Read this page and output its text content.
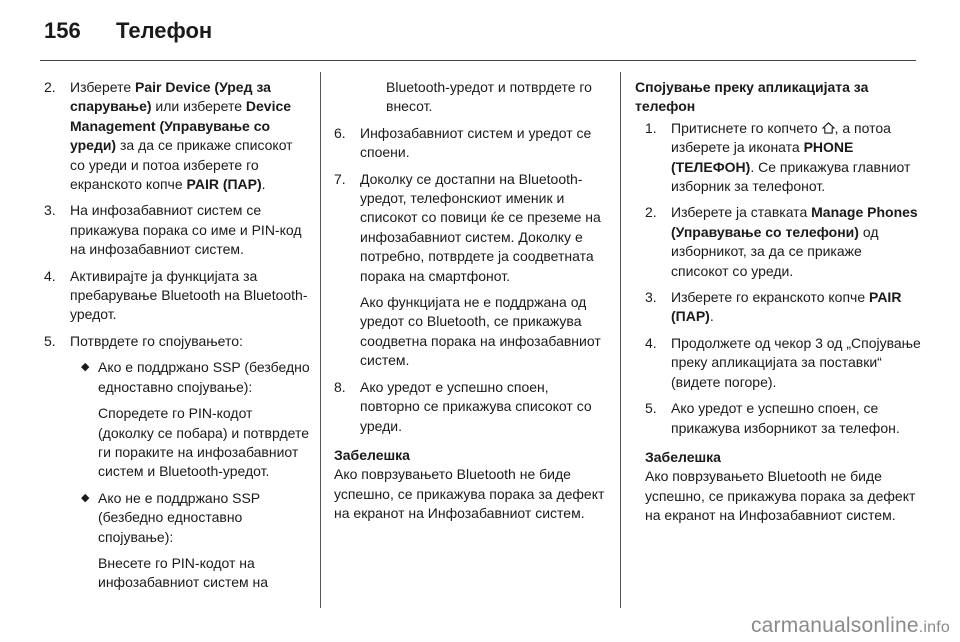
156 Телефон
2. Изберете Pair Device (Уред за спарување) или изберете Device Management (Управување со уреди) за да се прикаже списокот со уреди и потоа изберете го екранското копче PAIR (ПАР).
3. На инфозабавниот систем се прикажува порака со име и PIN-код на инфозабавниот систем.
4. Активирајте ја функцијата за пребарување Bluetooth на Bluetooth-уредот.
5. Потврдете го спојувањето:
◆ Ако е поддржано SSP (безбедно едноставно спојување):
Споредете го PIN-кодот (доколку се побара) и потврдете ги пораките на инфозабавниот систем и Bluetooth-уредот.
◆ Ако не е поддржано SSP (безбедно едноставно спојување):
Внесете го PIN-кодот на инфозабавниот систем на
Bluetooth-уредот и потврдете го внесот.
6. Инфозабавниот систем и уредот се споени.
7. Доколку се достапни на Bluetooth-уредот, телефонскиот именик и списокот со повици ќе се преземе на инфозабавниот систем. Доколку е потребно, потврдете ја соодветната порака на смартфонот.
Ако функцијата не е поддржана од уредот со Bluetooth, се прикажува соодветна порака на инфозабавниот систем.
8. Ако уредот е успешно споен, повторно се прикажува списокот со уреди.
Забелешка
Ако поврзувањето Bluetooth не биде успешно, се прикажува порака за дефект на екранот на Инфозабавниот систем.
Спојување преку апликацијата за телефон
1. Притиснете го копчето , а потоа изберете ја иконата PHONE (ТЕЛЕФОН). Се прикажува главниот изборник за телефонот.
2. Изберете ја ставката Manage Phones (Управување со телефони) од изборникот, за да се прикаже списокот со уреди.
3. Изберете го екранското копче PAIR (ПАР).
4. Продолжете од чекор 3 од „Спојување преку апликацијата за поставки“ (видете погоре).
5. Ако уредот е успешно споен, се прикажува изборникот за телефон.
Забелешка
Ако поврзувањето Bluetooth не биде успешно, се прикажува порака за дефект на екранот на Инфозабавниот систем.
carmanualsonline.info
